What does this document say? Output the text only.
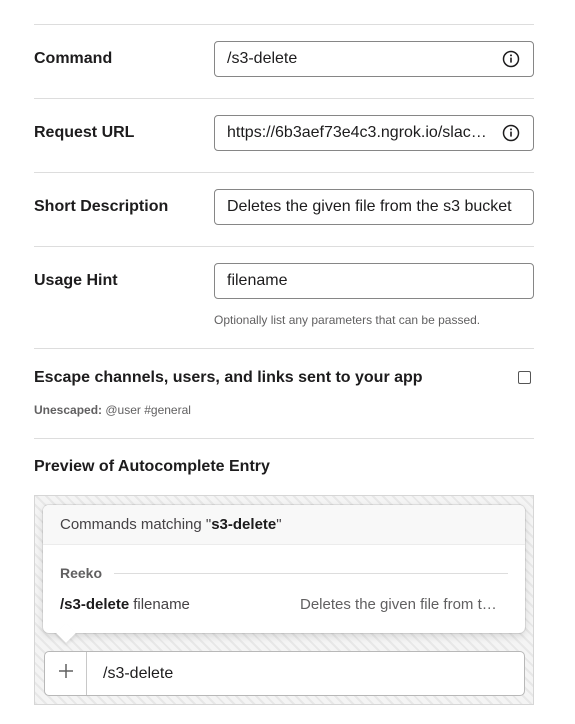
Command	/s3-delete
Request URL	https://6b3aef73e4c3.ngrok.io/slac…
Short Description	Deletes the given file from the s3 bucket
Usage Hint	filename
Optionally list any parameters that can be passed.
Escape channels, users, and links sent to your app
Unescaped: @user #general
Preview of Autocomplete Entry
Commands matching " s3-delete "
Reeko
/s3-delete filename	Deletes the given file from t…
/s3-delete
